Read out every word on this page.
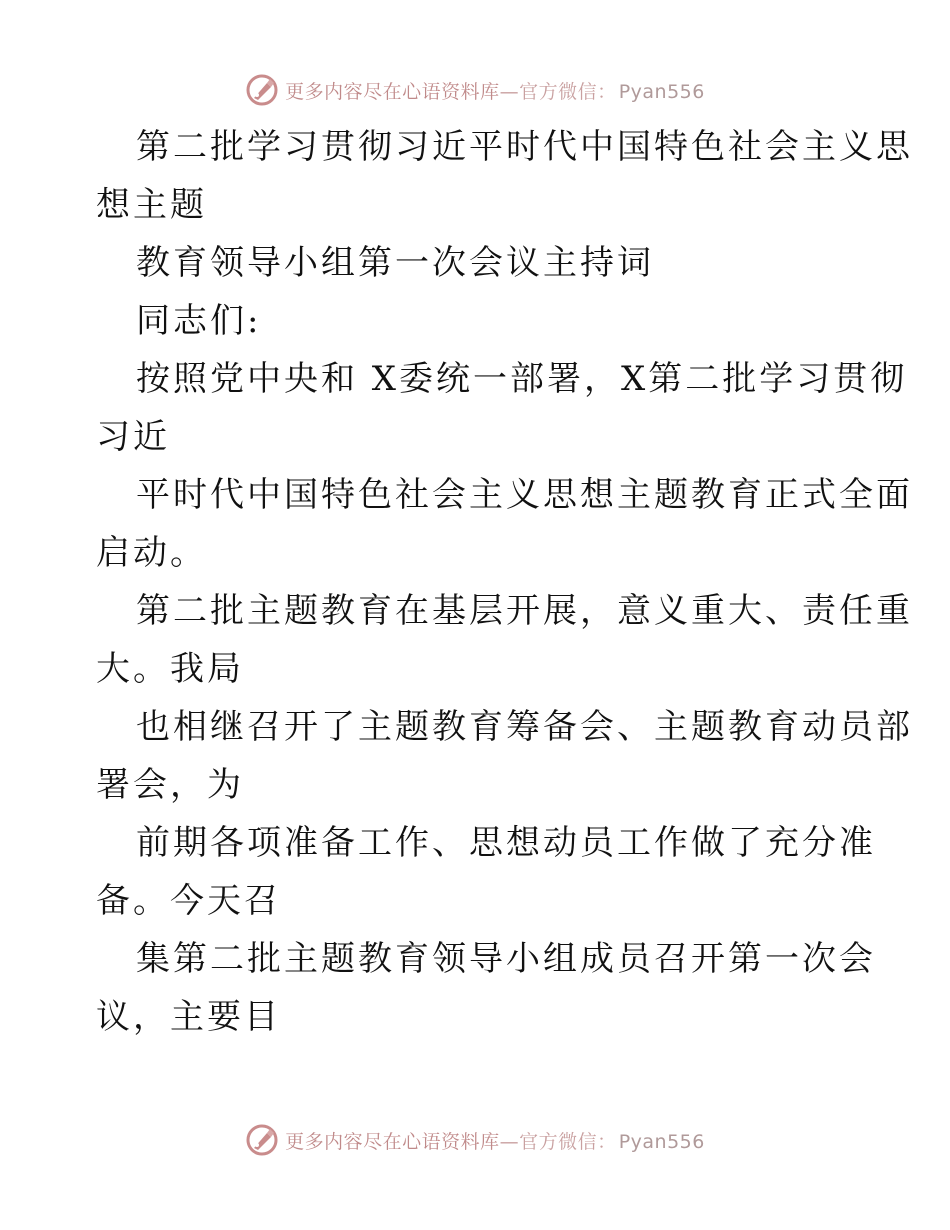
更多内容尽在心语资料库—官方微信： Pyan556
第二批学习贯彻习近平时代中国特色社会主义思
想主题
教育领导小组第一次会议主持词
同志们:
按照党中央和 X委统一部署，X第二批学习贯彻
习近
平时代中国特色社会主义思想主题教育正式全面
启动。
第二批主题教育在基层开展，意义重大、责任重
大。我局
也相继召开了主题教育筹备会、主题教育动员部
署会，为
前期各项准备工作、思想动员工作做了充分准
备。今天召
集第二批主题教育领导小组成员召开第一次会
议，主要目
更多内容尽在心语资料库—官方微信： Pyan556
